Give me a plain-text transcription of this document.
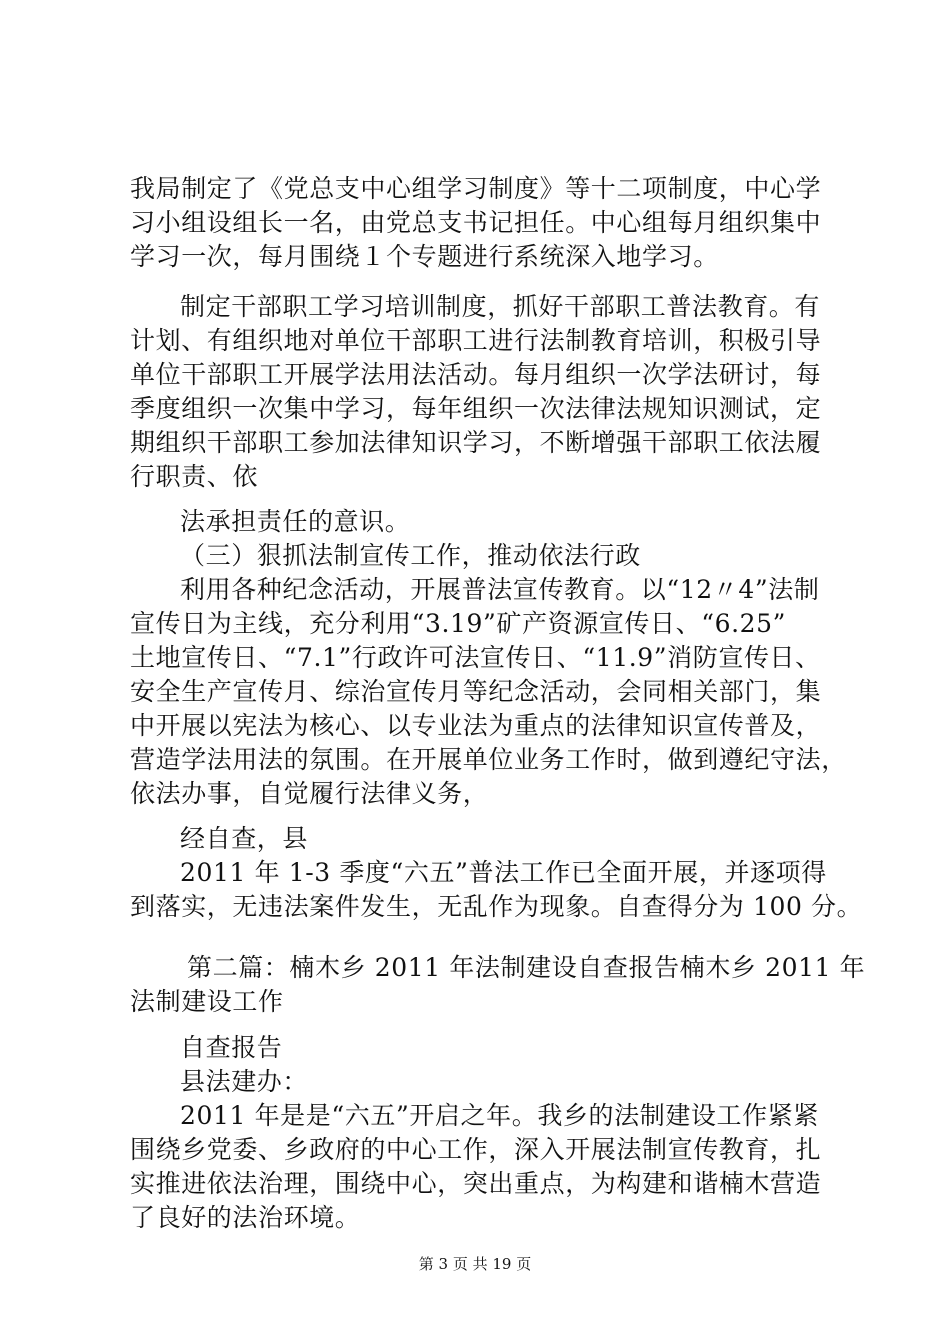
我局制定了《党总支中心组学习制度》等十二项制度，中心学
习小组设组长一名，由党总支书记担任。中心组每月组织集中
学习一次，每月围绕１个专题进行系统深入地学习。
制定干部职工学习培训制度，抓好干部职工普法教育。有
计划、有组织地对单位干部职工进行法制教育培训，积极引导
单位干部职工开展学法用法活动。每月组织一次学法研讨，每
季度组织一次集中学习，每年组织一次法律法规知识测试，定
期组织干部职工参加法律知识学习，不断增强干部职工依法履
行职责、依
法承担责任的意识。
（三）狠抓法制宣传工作，推动依法行政
利用各种纪念活动，开展普法宣传教育。以“12〃4”法制
宣传日为主线，充分利用“3.19”矿产资源宣传日、“6.25”
土地宣传日、“7.1”行政许可法宣传日、“11.9”消防宣传日、
安全生产宣传月、综治宣传月等纪念活动，会同相关部门，集
中开展以宪法为核心、以专业法为重点的法律知识宣传普及，
营造学法用法的氛围。在开展单位业务工作时，做到遵纪守法，
依法办事，自觉履行法律义务，
经自查，县
2011 年 1-3 季度“六五”普法工作已全面开展，并逐项得
到落实，无违法案件发生，无乱作为现象。自查得分为 100 分。
第二篇：楠木乡 2011 年法制建设自查报告楠木乡 2011 年
法制建设工作
自查报告
县法建办：
2011 年是是“六五”开启之年。我乡的法制建设工作紧紧
围绕乡党委、乡政府的中心工作，深入开展法制宣传教育，扎
实推进依法治理，围绕中心，突出重点，为构建和谐楠木营造
了良好的法治环境。
第 3 页 共 19 页
